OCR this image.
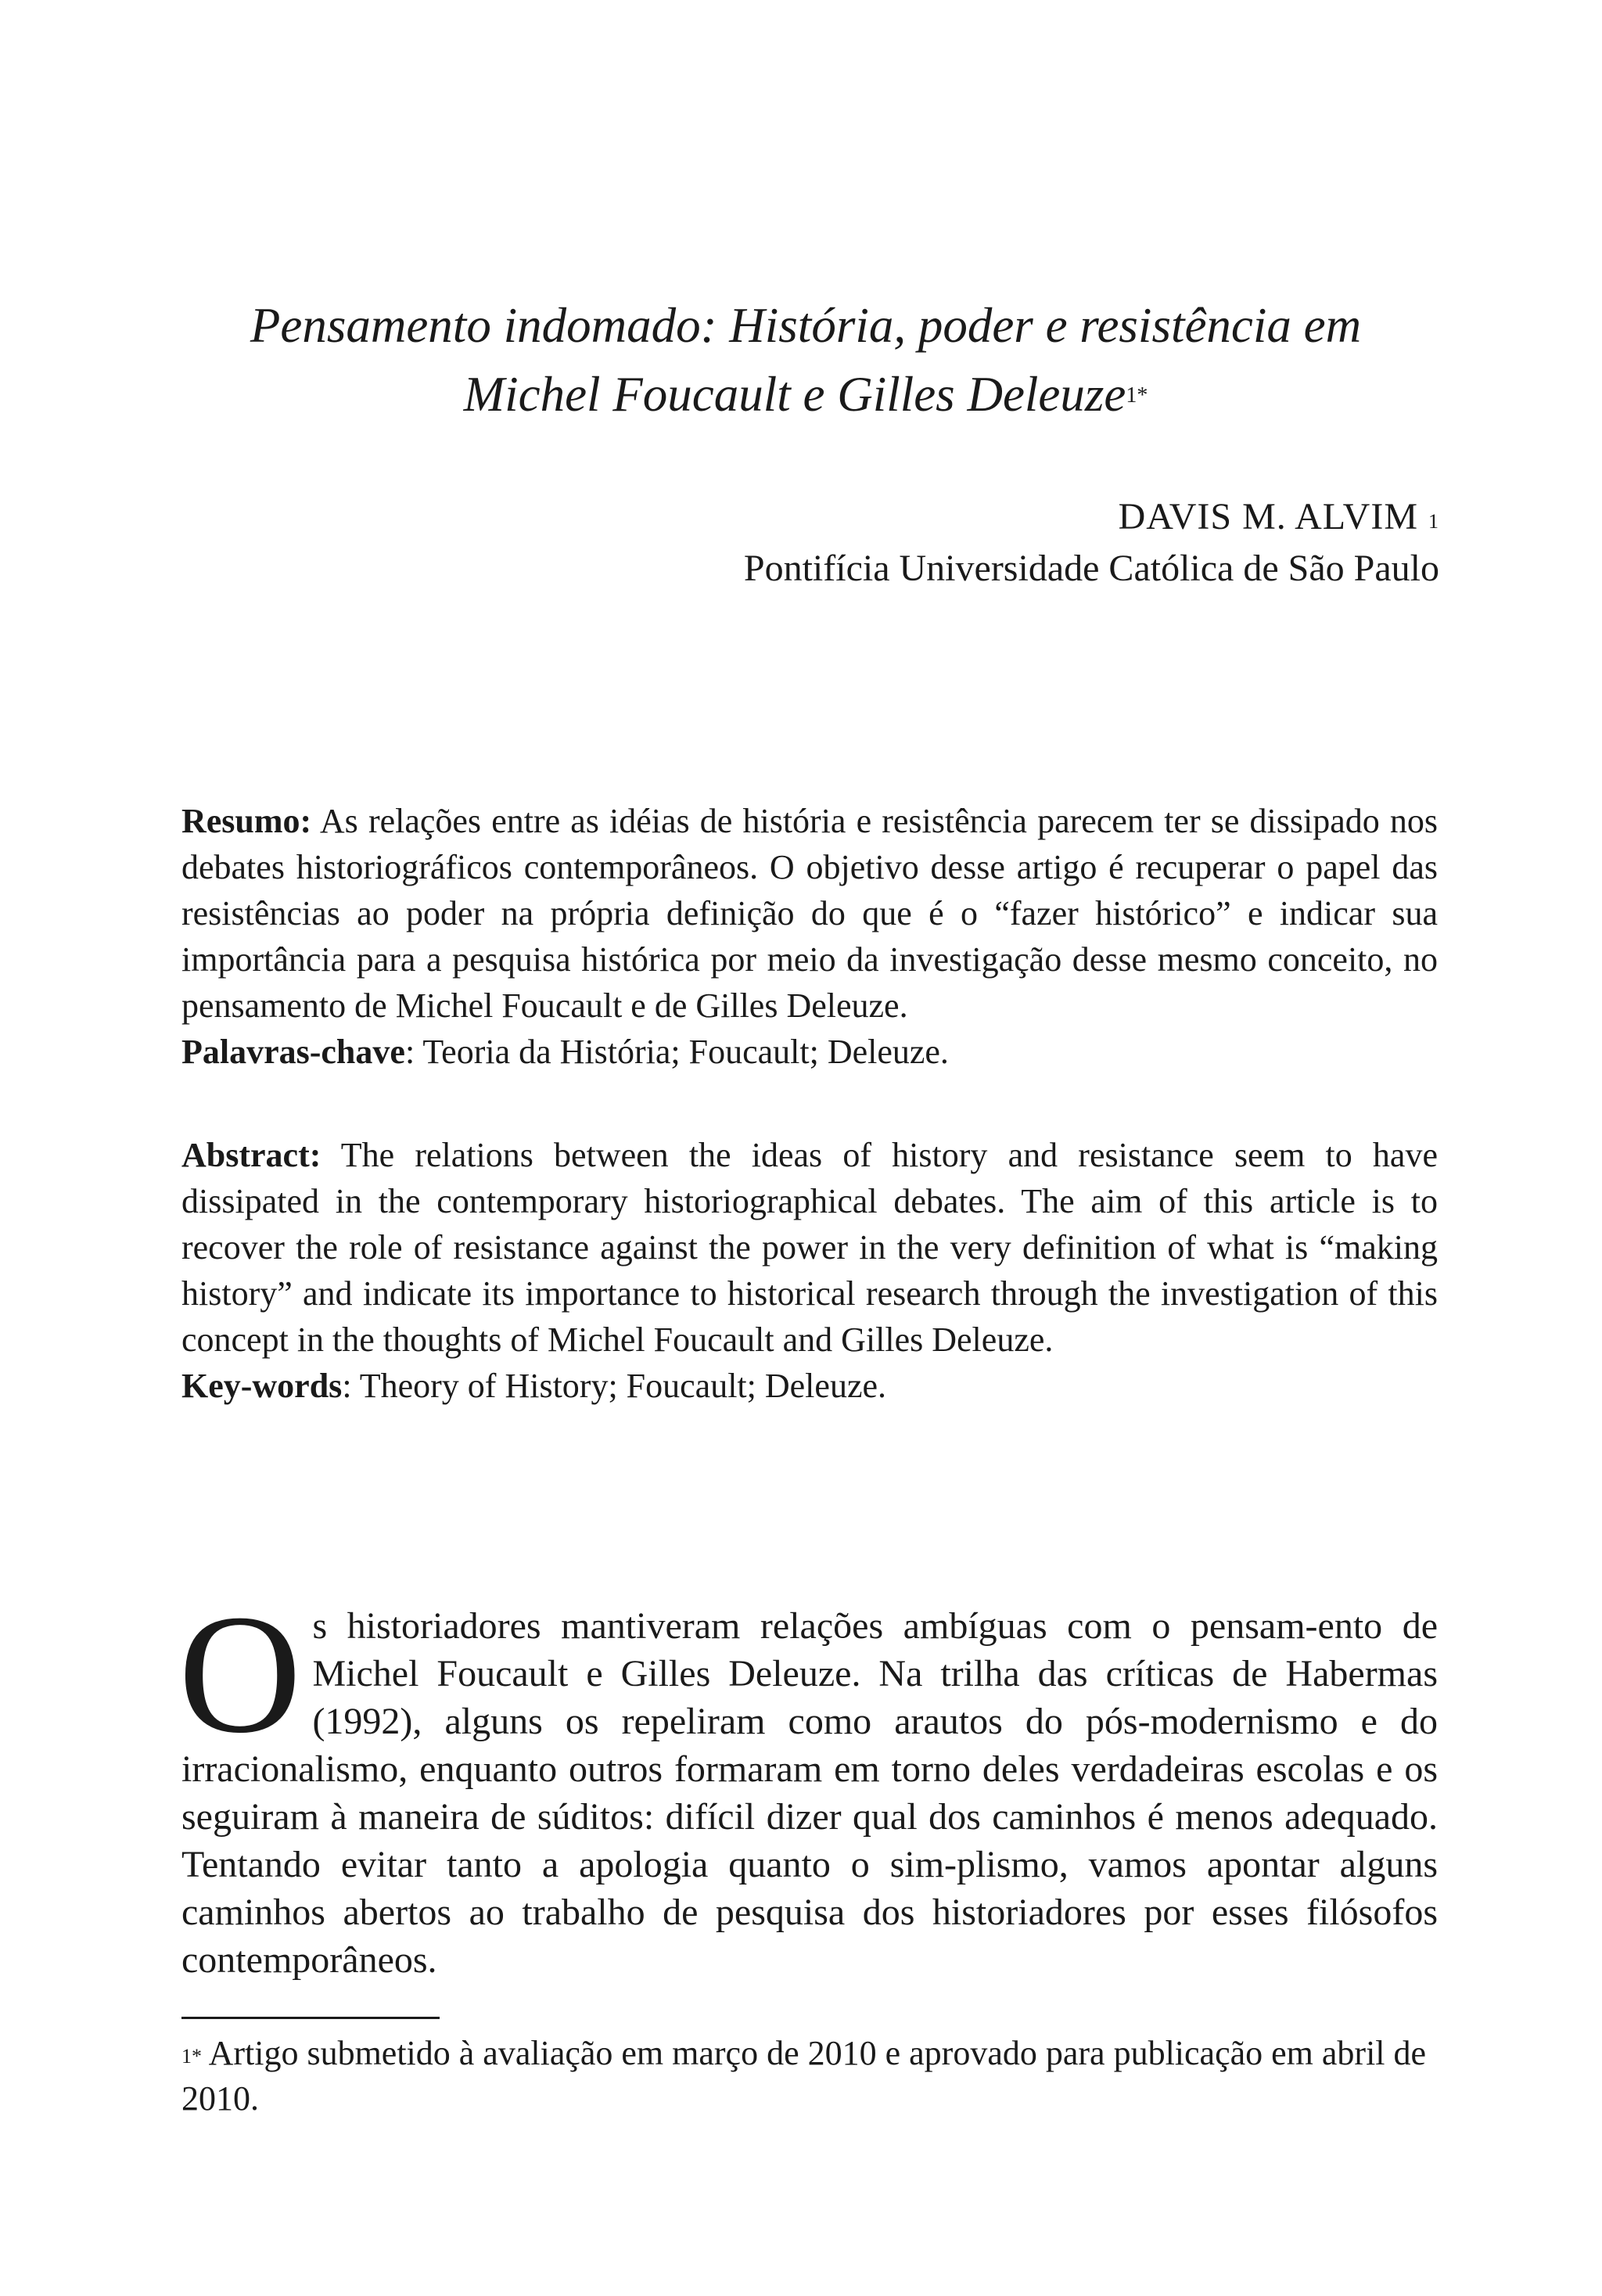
Pensamento indomado: História, poder e resistência em
Michel Foucault e Gilles Deleuze$^{1*}$
DAVIS M. ALVIM $^1$
Pontifícia Universidade Católica de São Paulo

Resumo: As relações entre as idéias de história e resistência parecem ter se dissipado nos debates historiográficos contemporâneos. O objetivo desse artigo é recuperar o papel das resistências ao poder na própria definição do que é o “fazer histórico” e indicar sua importância para a pesquisa histórica por meio da investigação desse mesmo conceito, no pensamento de Michel Foucault e de Gilles Deleuze.

Palavras-chave: Teoria da História; Foucault; Deleuze.

Abstract: The relations between the ideas of history and resistance seem to have dissipated in the contemporary historiographical debates. The aim of this article is to recover the role of resistance against the power in the very definition of what is “making history” and indicate its importance to historical research through the investigation of this concept in the thoughts of Michel Foucault and Gilles Deleuze.

Key-words: Theory of History; Foucault; Deleuze.

Os historiadores mantiveram relações ambíguas com o pensam-ento de Michel Foucault e Gilles Deleuze. Na trilha das críticas de Habermas (1992), alguns os repeliram como arautos do pós-modernismo e do irracionalismo, enquanto outros formaram em torno deles verdadeiras escolas e os seguiram à maneira de súditos: difícil dizer qual dos caminhos é menos adequado. Tentando evitar tanto a apologia quanto o sim-plismo, vamos apontar alguns caminhos abertos ao trabalho de pesquisa dos historiadores por esses filósofos contemporâneos.

$^{1*}$ Artigo submetido à avaliação em março de 2010 e aprovado para publicação em abril de 2010.
